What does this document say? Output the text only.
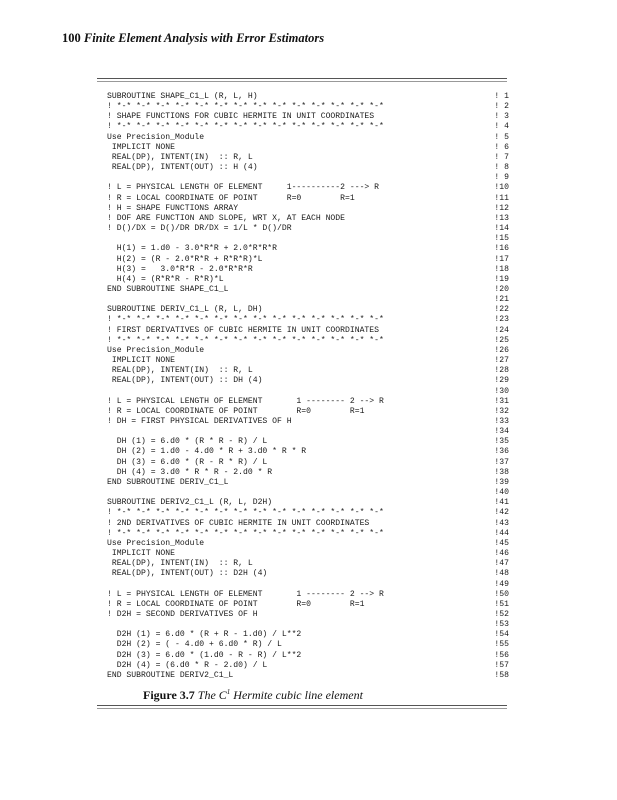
100 Finite Element Analysis with Error Estimators

SUBROUTINE SHAPE_C1_L (R, L, H)	! 1
! *-* *-* *-* *-* *-* *-* *-* *-* *-* *-* *-* *-* *-* *-*	! 2
! SHAPE FUNCTIONS FOR CUBIC HERMITE IN UNIT COORDINATES	! 3
! *-* *-* *-* *-* *-* *-* *-* *-* *-* *-* *-* *-* *-* *-*	! 4
Use Precision_Module	! 5
IMPLICIT NONE	! 6
REAL(DP), INTENT(IN)  :: R, L	! 7
REAL(DP), INTENT(OUT) :: H (4)	! 8
! 9
! L = PHYSICAL LENGTH OF ELEMENT     1----------2 ---> R	!10
! R = LOCAL COORDINATE OF POINT      R=0        R=1	!11
! H = SHAPE FUNCTIONS ARRAY	!12
! DOF ARE FUNCTION AND SLOPE, WRT X, AT EACH NODE	!13
! D()/DX = D()/DR DR/DX = 1/L * D()/DR	!14
!15
H(1) = 1.d0 - 3.0*R*R + 2.0*R*R*R	!16
H(2) = (R - 2.0*R*R + R*R*R)*L	!17
H(3) =   3.0*R*R - 2.0*R*R*R	!18
H(4) = (R*R*R - R*R)*L	!19
END SUBROUTINE SHAPE_C1_L	!20
!21
SUBROUTINE DERIV_C1_L (R, L, DH)	!22
! *-* *-* *-* *-* *-* *-* *-* *-* *-* *-* *-* *-* *-* *-*	!23
! FIRST DERIVATIVES OF CUBIC HERMITE IN UNIT COORDINATES	!24
! *-* *-* *-* *-* *-* *-* *-* *-* *-* *-* *-* *-* *-* *-*	!25
Use Precision_Module	!26
IMPLICIT NONE	!27
REAL(DP), INTENT(IN)  :: R, L	!28
REAL(DP), INTENT(OUT) :: DH (4)	!29
!30
! L = PHYSICAL LENGTH OF ELEMENT       1 -------- 2 --> R	!31
! R = LOCAL COORDINATE OF POINT        R=0        R=1	!32
! DH = FIRST PHYSICAL DERIVATIVES OF H	!33
!34
DH (1) = 6.d0 * (R * R - R) / L	!35
DH (2) = 1.d0 - 4.d0 * R + 3.d0 * R * R	!36
DH (3) = 6.d0 * (R - R * R) / L	!37
DH (4) = 3.d0 * R * R - 2.d0 * R	!38
END SUBROUTINE DERIV_C1_L	!39
!40
SUBROUTINE DERIV2_C1_L (R, L, D2H)	!41
! *-* *-* *-* *-* *-* *-* *-* *-* *-* *-* *-* *-* *-* *-*	!42
! 2ND DERIVATIVES OF CUBIC HERMITE IN UNIT COORDINATES	!43
! *-* *-* *-* *-* *-* *-* *-* *-* *-* *-* *-* *-* *-* *-*	!44
Use Precision_Module	!45
IMPLICIT NONE	!46
REAL(DP), INTENT(IN)  :: R, L	!47
REAL(DP), INTENT(OUT) :: D2H (4)	!48
!49
! L = PHYSICAL LENGTH OF ELEMENT       1 -------- 2 --> R	!50
! R = LOCAL COORDINATE OF POINT        R=0        R=1	!51
! D2H = SECOND DERIVATIVES OF H	!52
!53
D2H (1) = 6.d0 * (R + R - 1.d0) / L**2	!54
D2H (2) = ( - 4.d0 + 6.d0 * R) / L	!55
D2H (3) = 6.d0 * (1.d0 - R - R) / L**2	!56
D2H (4) = (6.d0 * R - 2.d0) / L	!57
END SUBROUTINE DERIV2_C1_L	!58

Figure 3.7 The $C^1$ Hermite cubic line element
